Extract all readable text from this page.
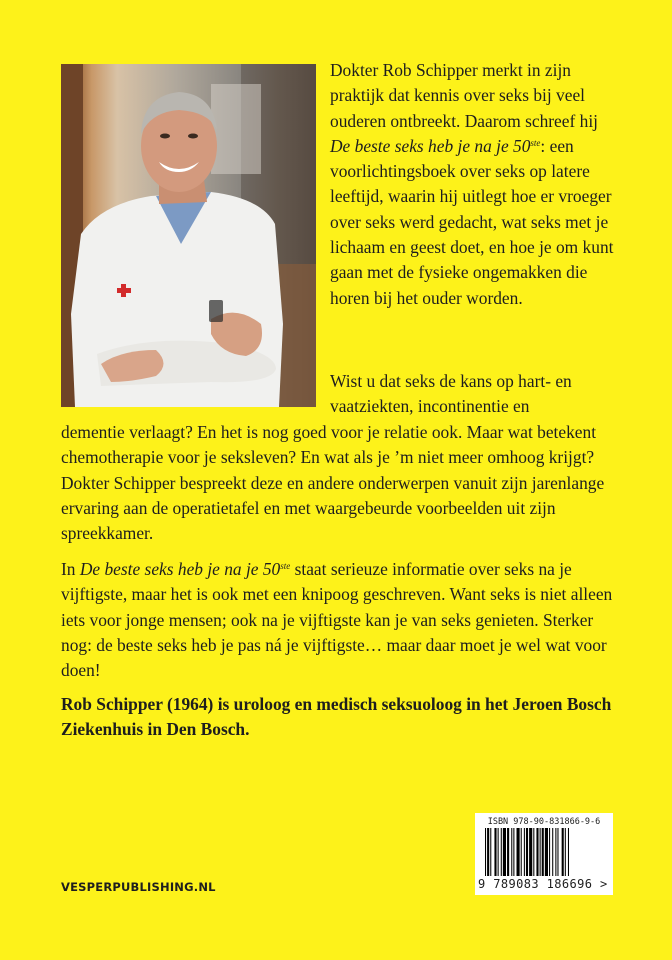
Dokter Rob Schipper merkt in zijn praktijk dat kennis over seks bij veel ouderen ontbreekt. Daarom schreef hij De beste seks heb je na je 50ste: een voorlichtingsboek over seks op latere leeftijd, waarin hij uitlegt hoe er vroeger over seks werd gedacht, wat seks met je lichaam en geest doet, en hoe je om kunt gaan met de fysieke ongemakken die horen bij het ouder worden.

Wist u dat seks de kans op hart- en vaatziekten, incontinentie en

dementie verlaagt? En het is nog goed voor je relatie ook. Maar wat betekent chemotherapie voor je seksleven? En wat als je ’m niet meer omhoog krijgt? Dokter Schipper bespreekt deze en andere onderwerpen vanuit zijn jarenlange ervaring aan de operatietafel en met waargebeurde voorbeelden uit zijn spreekkamer.

In De beste seks heb je na je 50ste staat serieuze informatie over seks na je vijftigste, maar het is ook met een knipoog geschreven. Want seks is niet alleen iets voor jonge mensen; ook na je vijftigste kan je van seks genieten. Sterker nog: de beste seks heb je pas ná je vijftigste… maar daar moet je wel wat voor doen!

Rob Schipper (1964) is uroloog en medisch seksuoloog in het Jeroen Bosch Ziekenhuis in Den Bosch.

VESPERPUBLISHING.NL
ISBN 978-90-831866-9-6
9 789083 186696 >
